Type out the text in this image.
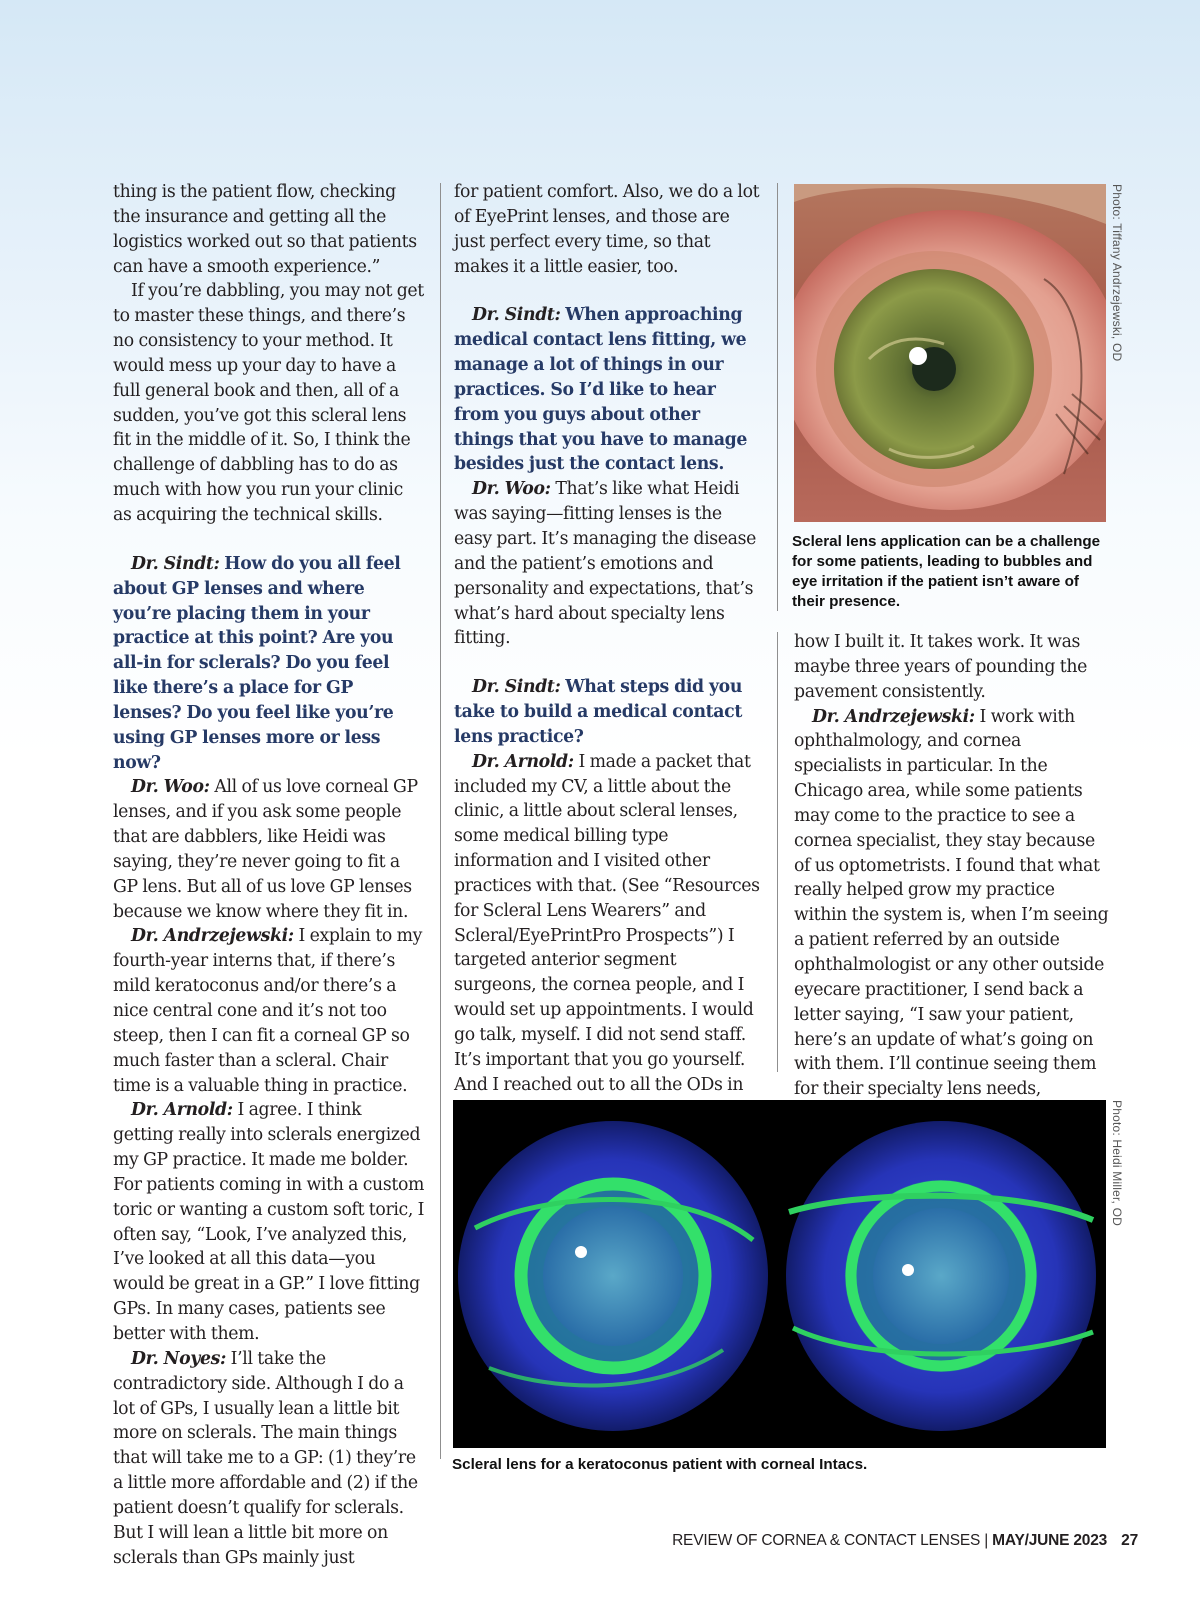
thing is the patient flow, checking the insurance and getting all the logistics worked out so that patients can have a smooth experience.”

If you’re dabbling, you may not get to master these things, and there’s no consistency to your method. It would mess up your day to have a full general book and then, all of a sudden, you’ve got this scleral lens fit in the middle of it. So, I think the challenge of dabbling has to do as much with how you run your clinic as acquiring the technical skills.

Dr. Sindt: How do you all feel about GP lenses and where you’re placing them in your practice at this point? Are you all-in for sclerals? Do you feel like there’s a place for GP lenses? Do you feel like you’re using GP lenses more or less now?

Dr. Woo: All of us love corneal GP lenses, and if you ask some people that are dabblers, like Heidi was saying, they’re never going to fit a GP lens. But all of us love GP lenses because we know where they fit in.

Dr. Andrzejewski: I explain to my fourth-year interns that, if there’s mild keratoconus and/or there’s a nice central cone and it’s not too steep, then I can fit a corneal GP so much faster than a scleral. Chair time is a valuable thing in practice.

Dr. Arnold: I agree. I think getting really into sclerals energized my GP practice. It made me bolder. For patients coming in with a custom toric or wanting a custom soft toric, I often say, “Look, I’ve analyzed this, I’ve looked at all this data—you would be great in a GP.” I love fitting GPs. In many cases, patients see better with them.

Dr. Noyes: I’ll take the contradictory side. Although I do a lot of GPs, I usually lean a little bit more on sclerals. The main things that will take me to a GP: (1) they’re a little more affordable and (2) if the patient doesn’t qualify for sclerals. But I will lean a little bit more on sclerals than GPs mainly just

for patient comfort. Also, we do a lot of EyePrint lenses, and those are just perfect every time, so that makes it a little easier, too.

Dr. Sindt: When approaching medical contact lens fitting, we manage a lot of things in our practices. So I’d like to hear from you guys about other things that you have to manage besides just the contact lens.

Dr. Woo: That’s like what Heidi was saying—fitting lenses is the easy part. It’s managing the disease and the patient’s emotions and personality and expectations, that’s what’s hard about specialty lens fitting.

Dr. Sindt: What steps did you take to build a medical contact lens practice?

Dr. Arnold: I made a packet that included my CV, a little about the clinic, a little about scleral lenses, some medical billing type information and I visited other practices with that. (See “Resources for Scleral Lens Wearers” and Scleral/EyePrintPro Prospects”) I targeted anterior segment surgeons, the cornea people, and I would set up appointments. I would go talk, myself. I did not send staff. It’s important that you go yourself. And I reached out to all the ODs in

Photo: Tiffany Andrzejewski, OD
Scleral lens application can be a challenge for some patients, leading to bubbles and eye irritation if the patient isn’t aware of their presence.

how I built it. It takes work. It was maybe three years of pounding the pavement consistently.

Dr. Andrzejewski: I work with ophthalmology, and cornea specialists in particular. In the Chicago area, while some patients may come to the practice to see a cornea specialist, they stay because of us optometrists. I found that what really helped grow my practice within the system is, when I’m seeing a patient referred by an outside ophthalmologist or any other outside eyecare practitioner, I send back a letter saying, “I saw your patient, here’s an update of what’s going on with them. I’ll continue seeing them for their specialty lens needs,

Photo: Heidi Miller, OD
Scleral lens for a keratoconus patient with corneal Intacs.
REVIEW OF CORNEA & CONTACT LENSES | MAY/JUNE 2023 27
